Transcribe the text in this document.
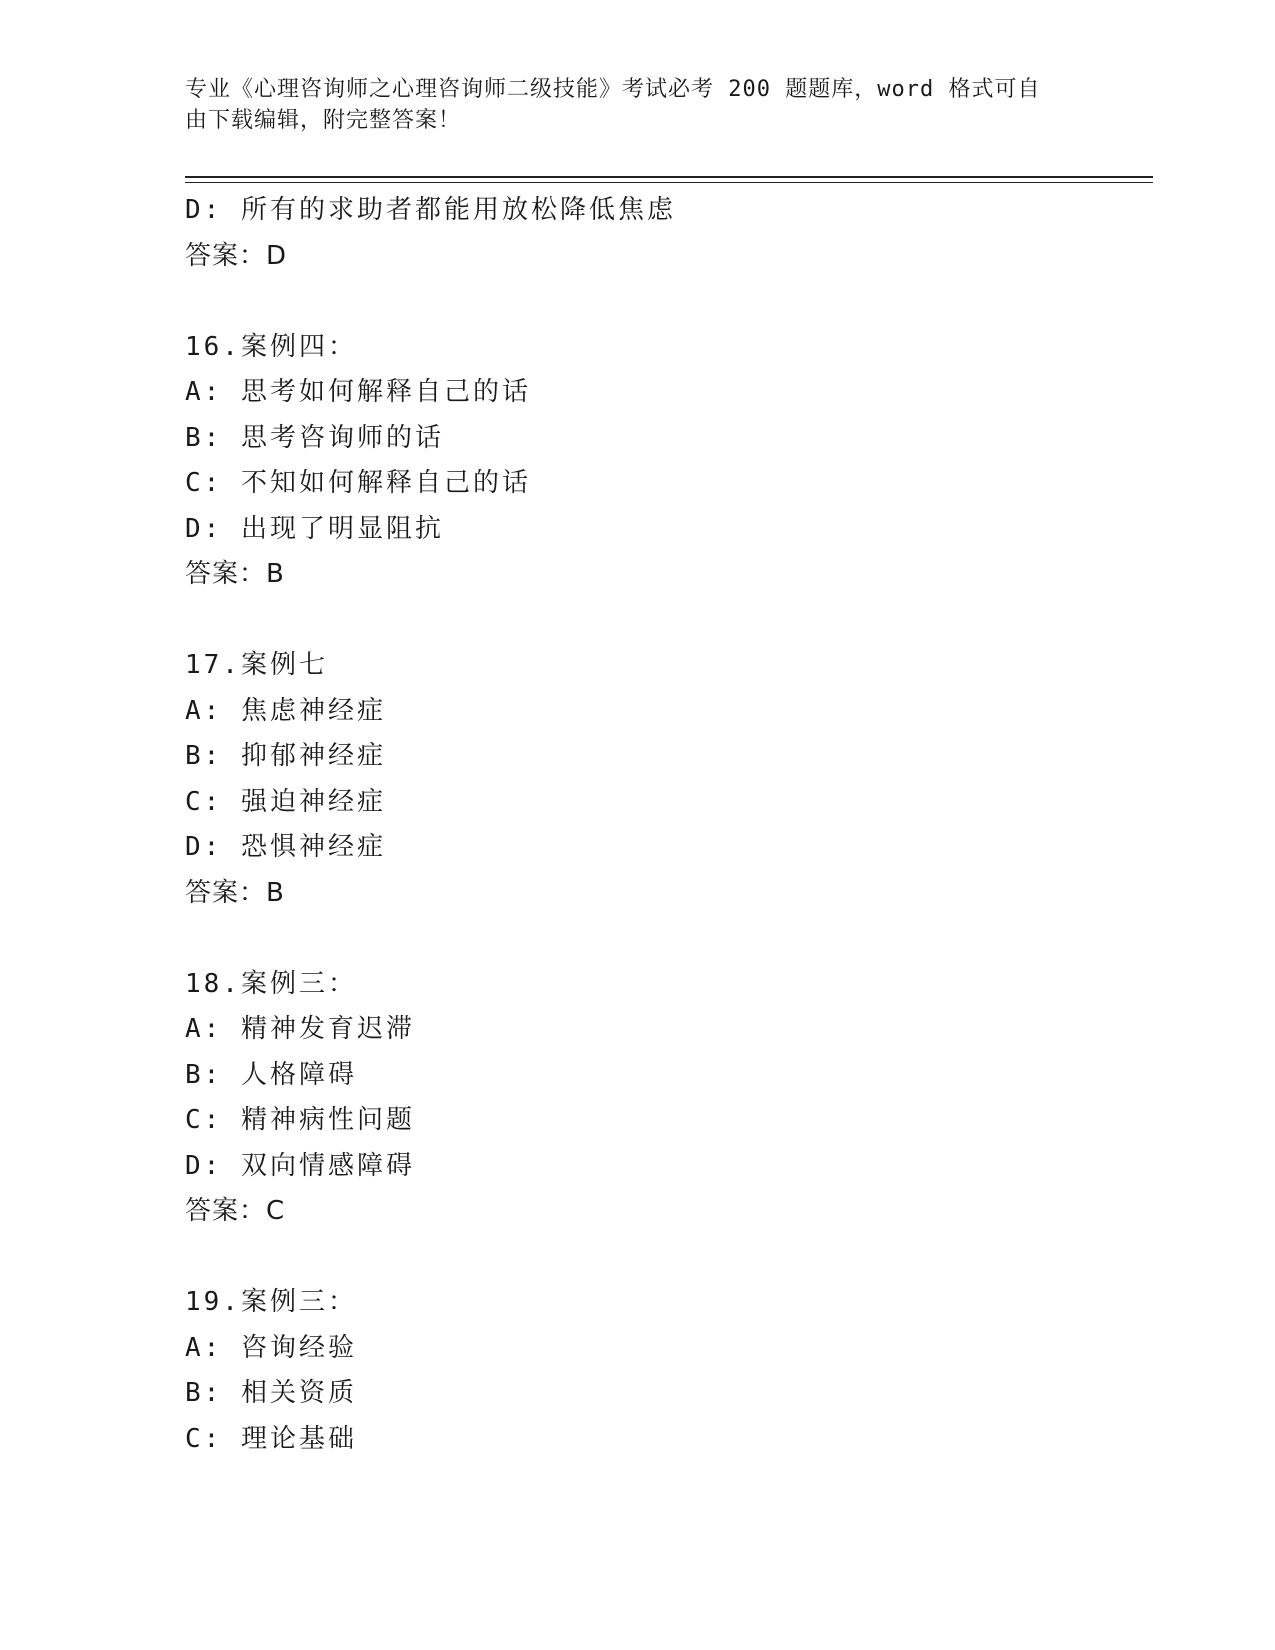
专业《心理咨询师之心理咨询师二级技能》考试必考 200 题题库，word 格式可自
由下载编辑，附完整答案！
D: 所有的求助者都能用放松降低焦虑
答案：D
16.案例四：
A: 思考如何解释自己的话
B: 思考咨询师的话
C: 不知如何解释自己的话
D: 出现了明显阻抗
答案：B
17.案例七
A: 焦虑神经症
B: 抑郁神经症
C: 强迫神经症
D: 恐惧神经症
答案：B
18.案例三：
A: 精神发育迟滞
B: 人格障碍
C: 精神病性问题
D: 双向情感障碍
答案：C
19.案例三：
A: 咨询经验
B: 相关资质
C: 理论基础
